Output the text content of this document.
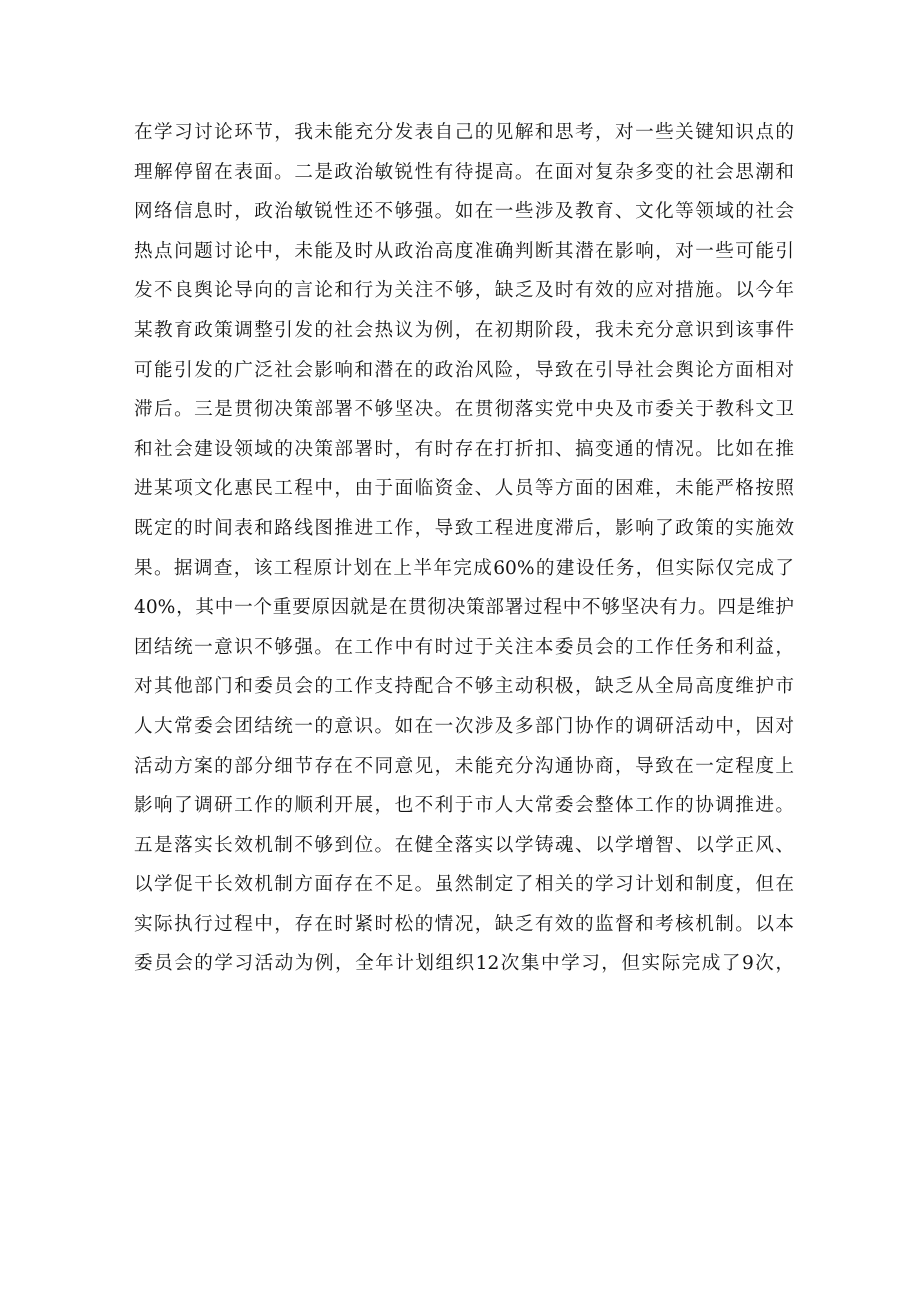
在学习讨论环节，我未能充分发表自己的见解和思考，对一些关键知识点的
理解停留在表面。二是政治敏锐性有待提高。在面对复杂多变的社会思潮和
网络信息时，政治敏锐性还不够强。如在一些涉及教育、文化等领域的社会
热点问题讨论中，未能及时从政治高度准确判断其潜在影响，对一些可能引
发不良舆论导向的言论和行为关注不够，缺乏及时有效的应对措施。以今年
某教育政策调整引发的社会热议为例，在初期阶段，我未充分意识到该事件
可能引发的广泛社会影响和潜在的政治风险，导致在引导社会舆论方面相对
滞后。三是贯彻决策部署不够坚决。在贯彻落实党中央及市委关于教科文卫
和社会建设领域的决策部署时，有时存在打折扣、搞变通的情况。比如在推
进某项文化惠民工程中，由于面临资金、人员等方面的困难，未能严格按照
既定的时间表和路线图推进工作，导致工程进度滞后，影响了政策的实施效
果。据调查，该工程原计划在上半年完成60%的建设任务，但实际仅完成了
40%，其中一个重要原因就是在贯彻决策部署过程中不够坚决有力。四是维护
团结统一意识不够强。在工作中有时过于关注本委员会的工作任务和利益，
对其他部门和委员会的工作支持配合不够主动积极，缺乏从全局高度维护市
人大常委会团结统一的意识。如在一次涉及多部门协作的调研活动中，因对
活动方案的部分细节存在不同意见，未能充分沟通协商，导致在一定程度上
影响了调研工作的顺利开展，也不利于市人大常委会整体工作的协调推进。
五是落实长效机制不够到位。在健全落实以学铸魂、以学增智、以学正风、
以学促干长效机制方面存在不足。虽然制定了相关的学习计划和制度，但在
实际执行过程中，存在时紧时松的情况，缺乏有效的监督和考核机制。以本
委员会的学习活动为例，全年计划组织12次集中学习，但实际完成了9次，
